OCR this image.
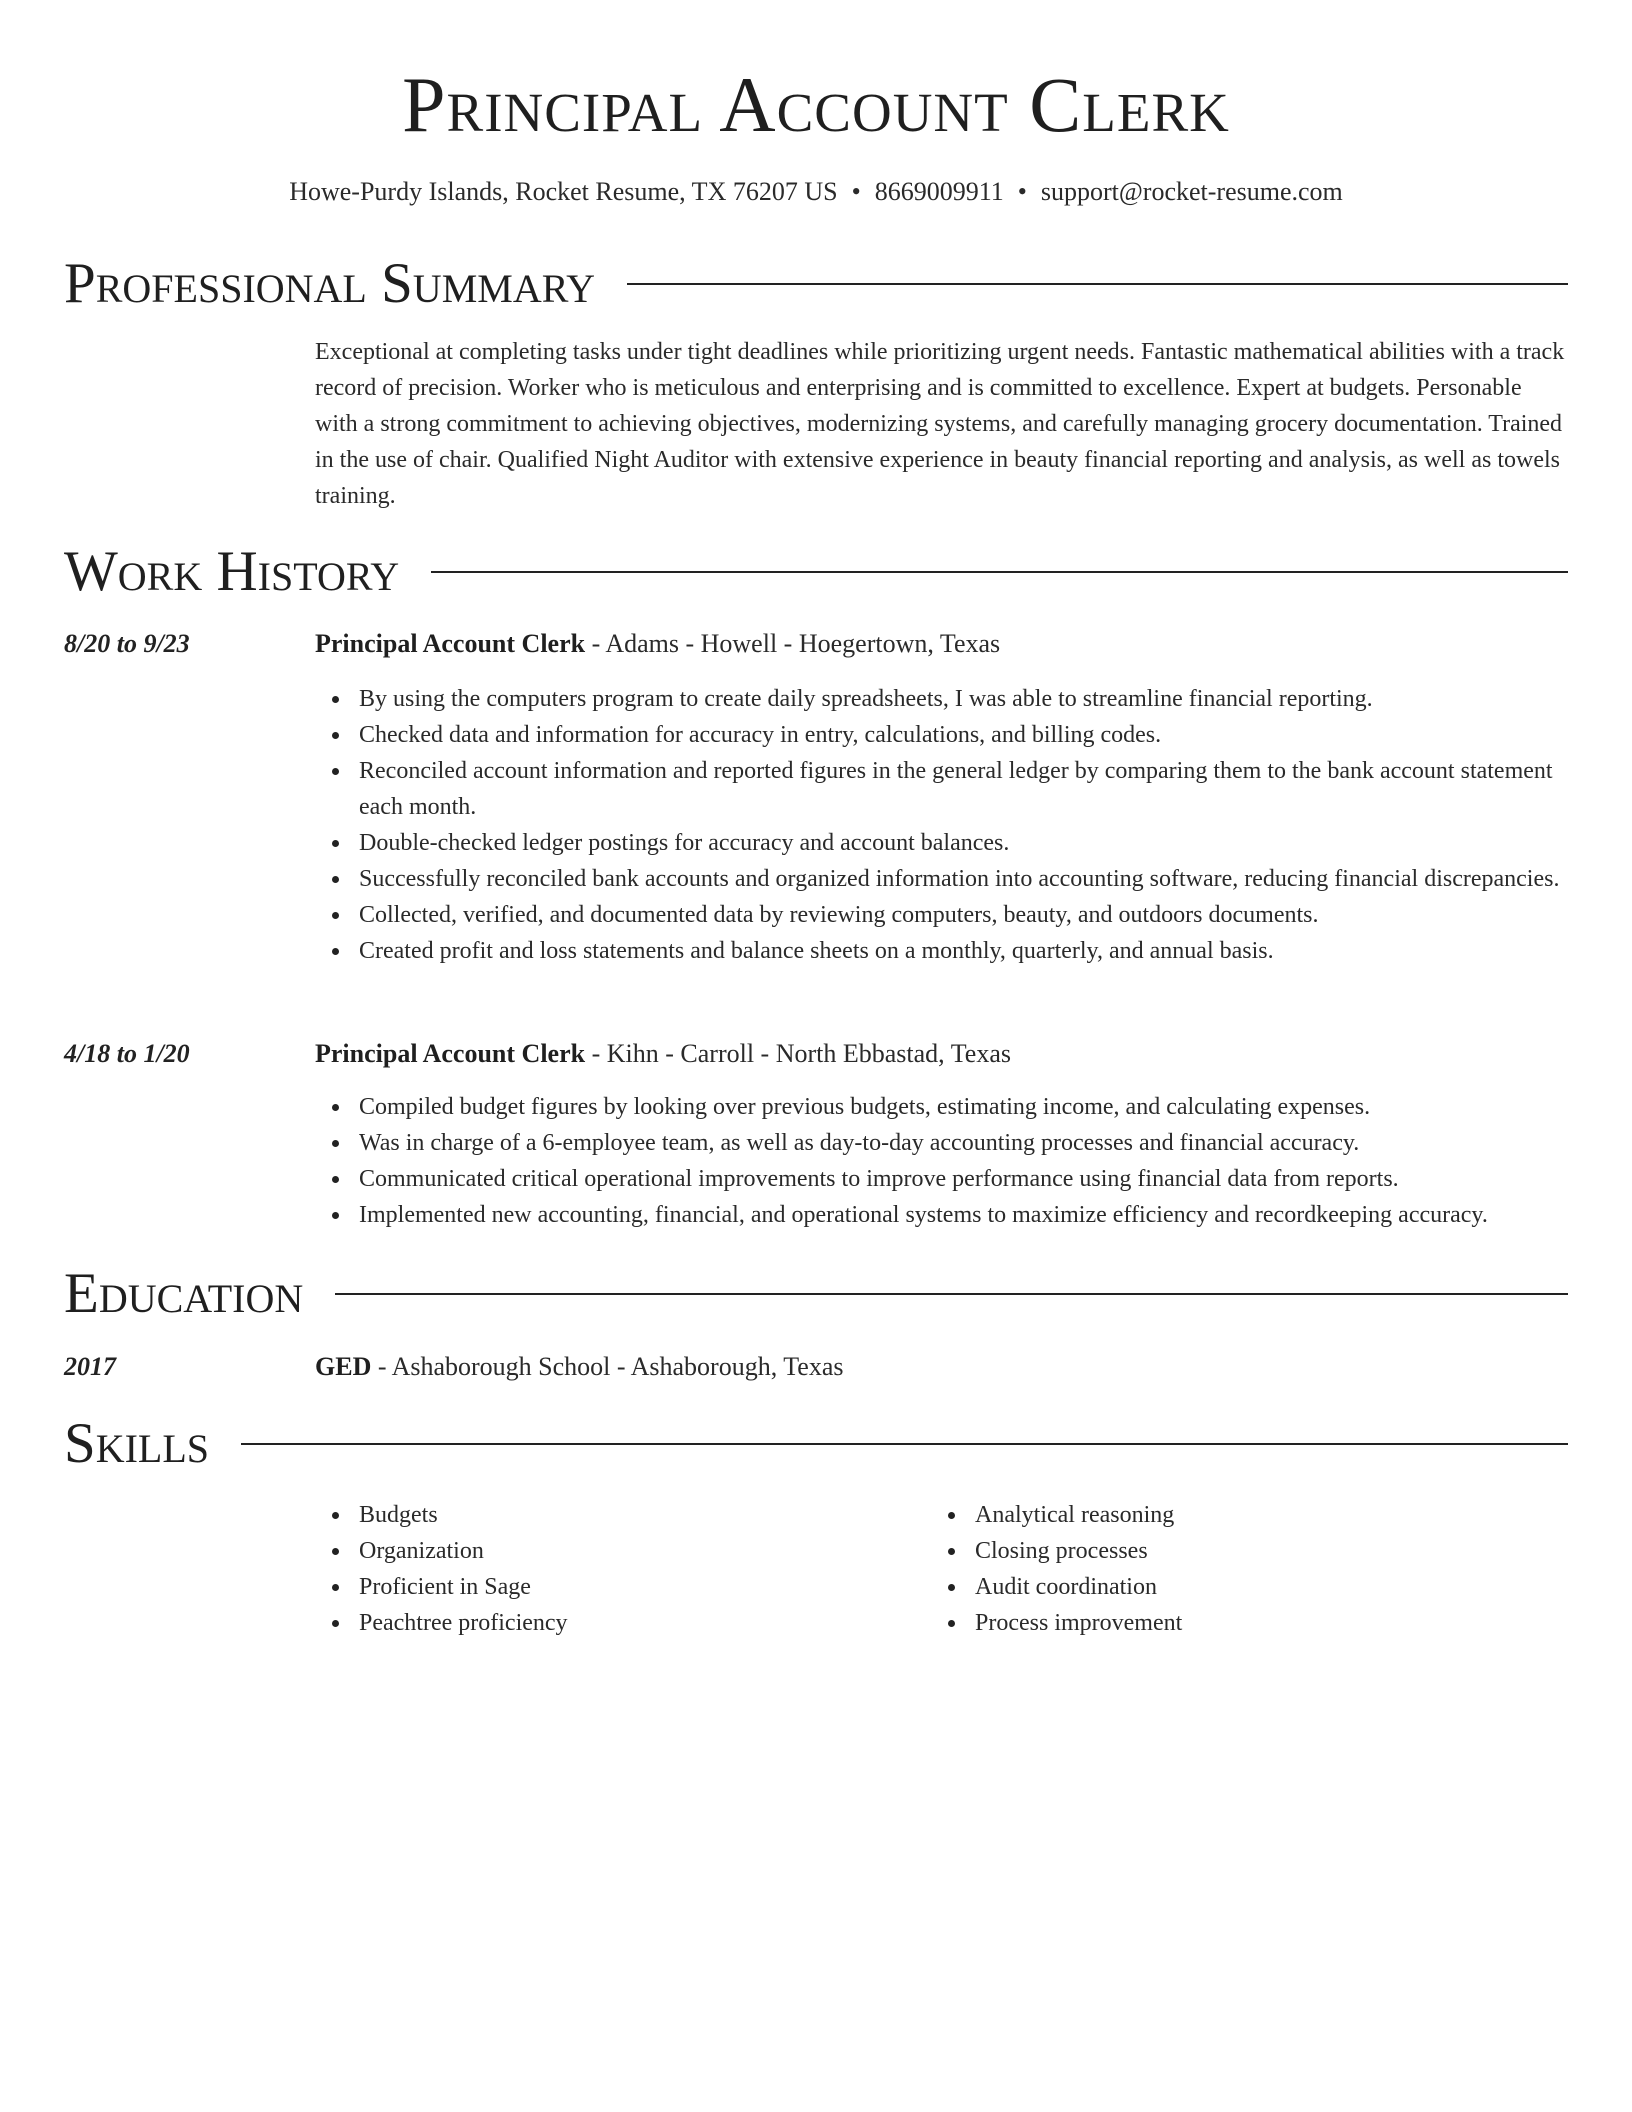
Principal Account Clerk
Howe-Purdy Islands, Rocket Resume, TX 76207 US • 8669009911 • support@rocket-resume.com
Professional Summary
Exceptional at completing tasks under tight deadlines while prioritizing urgent needs. Fantastic mathematical abilities with a track record of precision. Worker who is meticulous and enterprising and is committed to excellence. Expert at budgets. Personable with a strong commitment to achieving objectives, modernizing systems, and carefully managing grocery documentation. Trained in the use of chair. Qualified Night Auditor with extensive experience in beauty financial reporting and analysis, as well as towels training.
Work History
8/20 to 9/23	Principal Account Clerk - Adams - Howell - Hoegertown, Texas
By using the computers program to create daily spreadsheets, I was able to streamline financial reporting.
Checked data and information for accuracy in entry, calculations, and billing codes.
Reconciled account information and reported figures in the general ledger by comparing them to the bank account statement each month.
Double-checked ledger postings for accuracy and account balances.
Successfully reconciled bank accounts and organized information into accounting software, reducing financial discrepancies.
Collected, verified, and documented data by reviewing computers, beauty, and outdoors documents.
Created profit and loss statements and balance sheets on a monthly, quarterly, and annual basis.
4/18 to 1/20	Principal Account Clerk - Kihn - Carroll - North Ebbastad, Texas
Compiled budget figures by looking over previous budgets, estimating income, and calculating expenses.
Was in charge of a 6-employee team, as well as day-to-day accounting processes and financial accuracy.
Communicated critical operational improvements to improve performance using financial data from reports.
Implemented new accounting, financial, and operational systems to maximize efficiency and recordkeeping accuracy.
Education
2017	GED - Ashaborough School - Ashaborough, Texas
Skills
Budgets
Organization
Proficient in Sage
Peachtree proficiency
Analytical reasoning
Closing processes
Audit coordination
Process improvement
